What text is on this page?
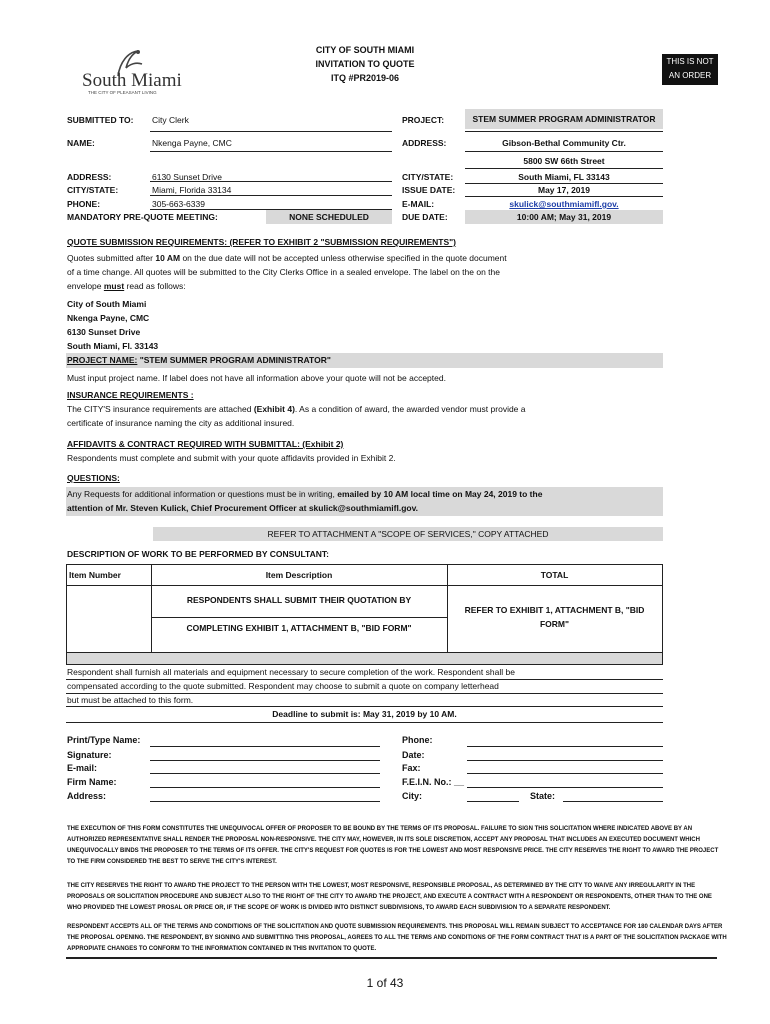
South Miami
THE CITY OF PLEASANT LIVING
CITY OF SOUTH MIAMI
INVITATION TO QUOTE
ITQ #PR2019-06
THIS IS NOT
AN ORDER
SUBMITTED TO: City Clerk
NAME:	Nkenga Payne, CMC
ADDRESS:	6130 Sunset Drive
CITY/STATE:	Miami, Florida 33134
PHONE:	305-663-6339
MANDATORY PRE-QUOTE MEETING:	NONE SCHEDULED
PROJECT:	STEM SUMMER PROGRAM ADMINISTRATOR
ADDRESS:	Gibson-Bethal Community Ctr.
5800 SW 66th Street
CITY/STATE:	South Miami, FL 33143
ISSUE DATE:	May 17, 2019
E-MAIL:	skulick@southmiamifl.gov.
DUE DATE:	10:00 AM; May 31, 2019
QUOTE SUBMISSION REQUIREMENTS: (REFER TO EXHIBIT 2 "SUBMISSION REQUIREMENTS")
Quotes submitted after 10 AM on the due date will not be accepted unless otherwise specified in the quote document
of a time change. All quotes will be submitted to the City Clerks Office in a sealed envelope. The label on the on the
envelope must read as follows:
City of South Miami
Nkenga Payne, CMC
6130 Sunset Drive
South Miami, Fl. 33143
PROJECT NAME: "STEM SUMMER PROGRAM ADMINISTRATOR"
Must input project name. If label does not have all information above your quote will not be accepted.
INSURANCE REQUIREMENTS :
The CITY'S insurance requirements are attached (Exhibit 4). As a condition of award, the awarded vendor must provide a
certificate of insurance naming the city as additional insured.
AFFIDAVITS & CONTRACT REQUIRED WITH SUBMITTAL: (Exhibit 2)
Respondents must complete and submit with your quote affidavits provided in Exhibit 2.
QUESTIONS:
Any Requests for additional information or questions must be in writing, emailed by 10 AM local time on May 24, 2019 to the
attention of Mr. Steven Kulick, Chief Procurement Officer at skulick@southmiamifl.gov.
REFER TO ATTACHMENT A "SCOPE OF SERVICES," COPY ATTACHED
DESCRIPTION OF WORK TO BE PERFORMED BY CONSULTANT:
Item Number	Item Description	TOTAL
RESPONDENTS SHALL SUBMIT THEIR QUOTATION BY
COMPLETING EXHIBIT 1, ATTACHMENT B, "BID FORM"
REFER TO EXHIBIT 1, ATTACHMENT B, "BID
FORM"
Respondent shall furnish all materials and equipment necessary to secure completion of the work. Respondent shall be
compensated according to the quote submitted. Respondent may choose to submit a quote on company letterhead
but must be attached to this form.
Deadline to submit is: May 31, 2019 by 10 AM.
Print/Type Name:
Signature:
E-mail:
Firm Name:
Address:
Phone:
Date:
Fax:
F.E.I.N. No.: __
City:	State:
THE EXECUTION OF THIS FORM CONSTITUTES THE UNEQUIVOCAL OFFER OF PROPOSER TO BE BOUND BY THE TERMS OF ITS PROPOSAL. FAILURE TO SIGN THIS SOLICITATION WHERE INDICATED ABOVE BY AN AUTHORIZED REPRESENTATIVE SHALL RENDER THE PROPOSAL NON-RESPONSIVE. THE CITY MAY, HOWEVER, IN ITS SOLE DISCRETION, ACCEPT ANY PROPOSAL THAT INCLUDES AN EXECUTED DOCUMENT WHICH UNEQUIVOCALLY BINDS THE PROPOSER TO THE TERMS OF ITS OFFER. THE CITY'S REQUEST FOR QUOTES IS FOR THE LOWEST AND MOST RESPONSIVE PRICE. THE CITY RESERVES THE RIGHT TO AWARD THE PROJECT TO THE FIRM CONSIDERED THE BEST TO SERVE THE CITY'S INTEREST.
THE CITY RESERVES THE RIGHT TO AWARD THE PROJECT TO THE PERSON WITH THE LOWEST, MOST RESPONSIVE, RESPONSIBLE PROPOSAL, AS DETERMINED BY THE CITY TO WAIVE ANY IRREGULARITY IN THE PROPOSALS OR SOLICITATION PROCEDURE AND SUBJECT ALSO TO THE RIGHT OF THE CITY TO AWARD THE PROJECT, AND EXECUTE A CONTRACT WITH A RESPONDENT OR RESPONDENTS, OTHER THAN TO THE ONE WHO PROVIDED THE LOWEST PROSAL OR PRICE OR, IF THE SCOPE OF WORK IS DIVIDED INTO DISTINCT SUBDIVISIONS, TO AWARD EACH SUBDIVISION TO A SEPARATE RESPONDENT.
RESPONDENT ACCEPTS ALL OF THE TERMS AND CONDITIONS OF THE SOLICITATION AND QUOTE SUBMISSION REQUIREMENTS. THIS PROPOSAL WILL REMAIN SUBJECT TO ACCEPTANCE FOR 180 CALENDAR DAYS AFTER THE PROPOSAL OPENING. THE RESPONDENT, BY SIGNING AND SUBMITTING THIS PROPOSAL, AGREES TO ALL THE TERMS AND CONDITIONS OF THE FORM CONTRACT THAT IS A PART OF THE SOLICITATION PACKAGE WITH APPROPIATE CHANGES TO CONFORM TO THE INFORMATION CONTAINED IN THIS INVITATION TO QUOTE.
1 of 43
